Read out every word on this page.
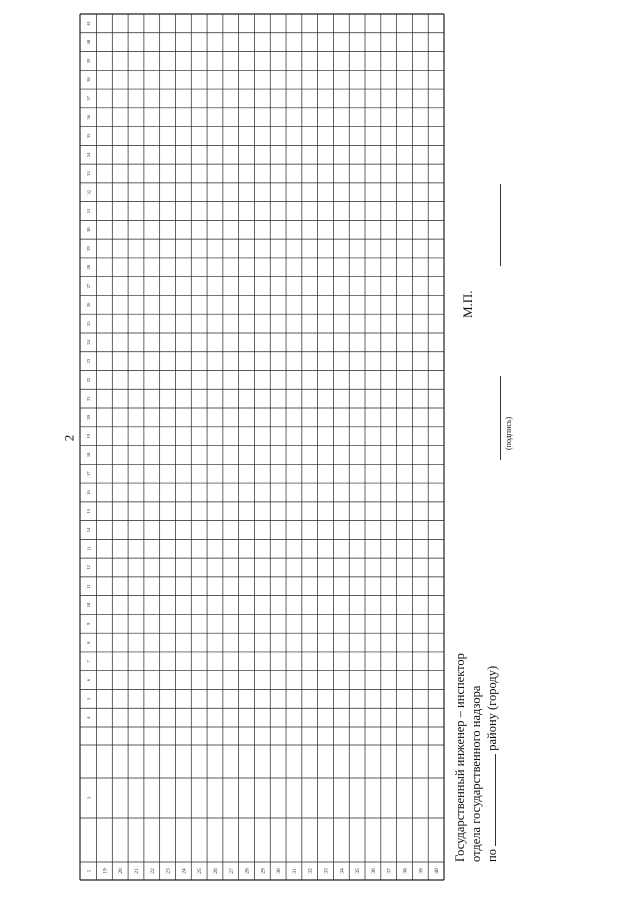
2
1 19 20 21 22 23 24 25 26 27 28 29 30 31 32 33 34 35 36 37 38 39 40
3
4
5
6
7
8
9
10
11
12
13
14
15
16
17
18
19
20
21
22
23
24
25
26
27
28
29
30
31
32
33
34
35
36
37
38
39
40
41
Государственный инженер – инспектор отдела государственного надзора по  району (городу)
(подпись)
М.П.
